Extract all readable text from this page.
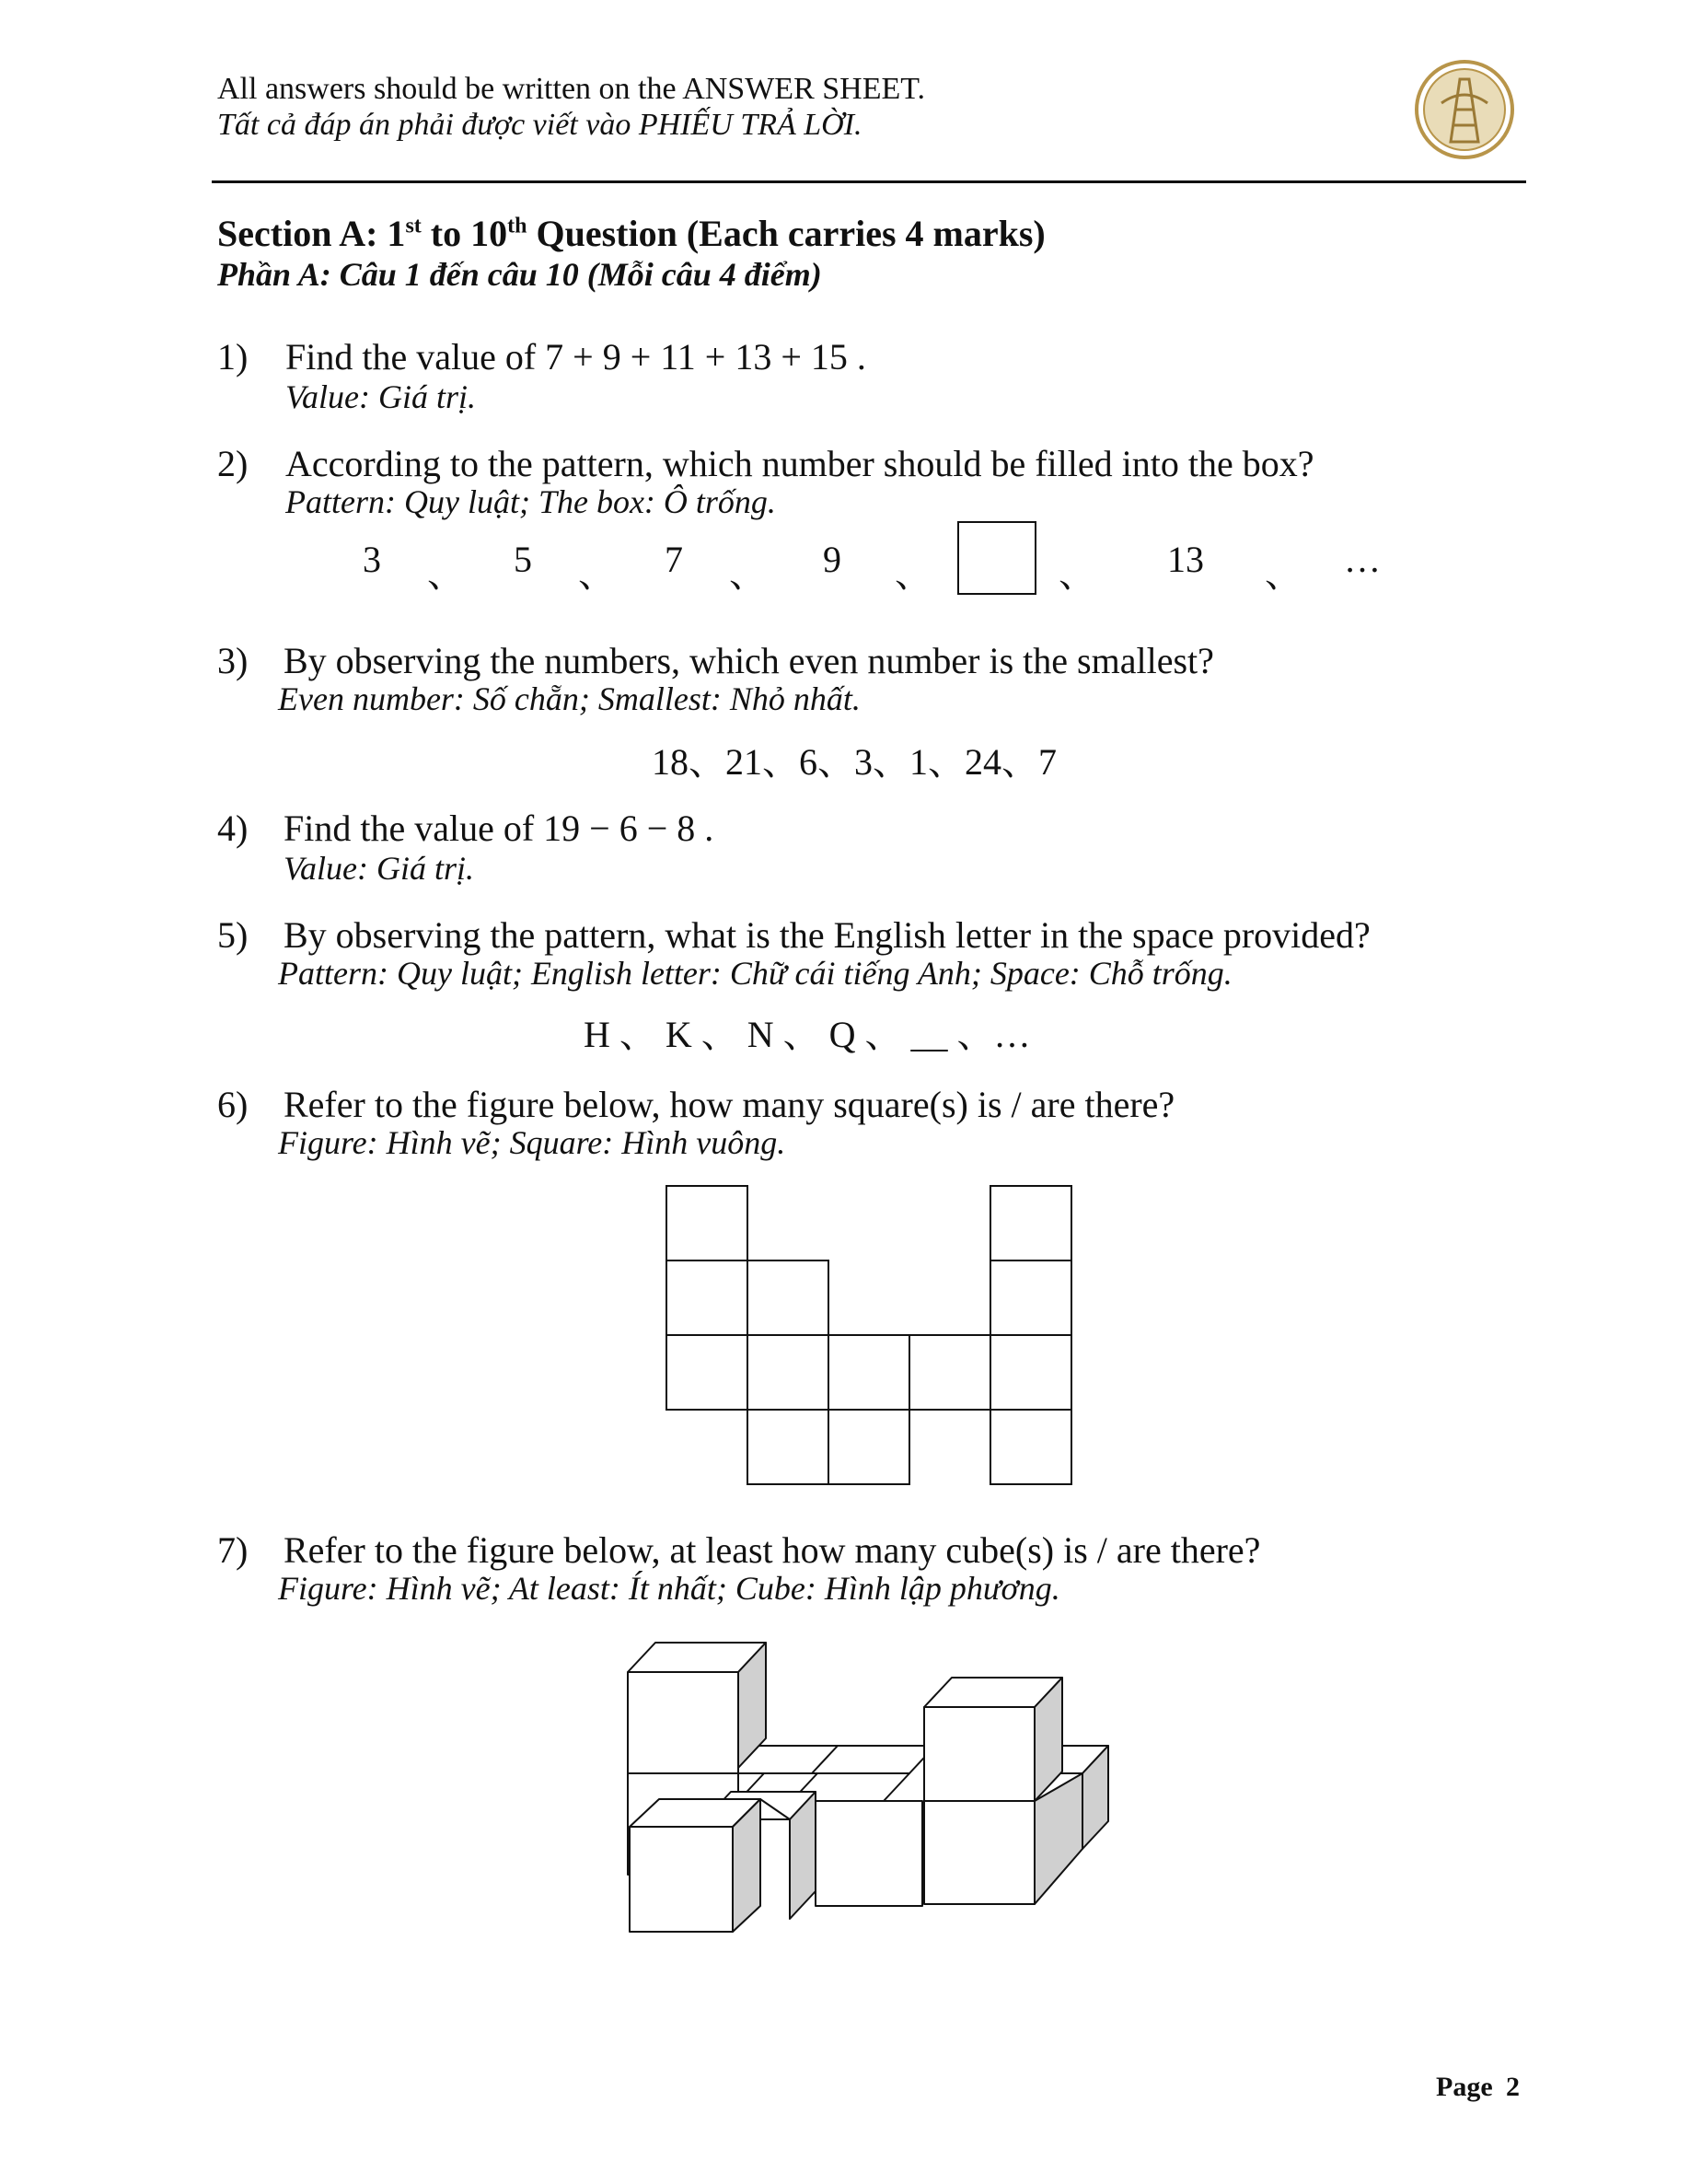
All answers should be written on the ANSWER SHEET.
Tất cả đáp án phải được viết vào PHIẾU TRẢ LỜI.
Section A: 1st to 10th Question (Each carries 4 marks)
Phần A: Câu 1 đến câu 10 (Mỗi câu 4 điểm)
1) Find the value of 7 + 9 + 11 + 13 + 15 .
Value: Giá trị.
2) According to the pattern, which number should be filled into the box?
Pattern: Quy luật; The box: Ô trống.
3 、 5 、 7 、 9 、	、 13 、 …
3) By observing the numbers, which even number is the smallest?
Even number: Số chẵn; Smallest: Nhỏ nhất.
18、21、6、3、1、24、7
4) Find the value of 19 − 6 − 8 .
Value: Giá trị.
5) By observing the pattern, what is the English letter in the space provided?
Pattern: Quy luật; English letter: Chữ cái tiếng Anh; Space: Chỗ trống.
H 、 K 、 N 、 Q 、 __ 、…
6) Refer to the figure below, how many square(s) is / are there?
Figure: Hình vẽ; Square: Hình vuông.
7) Refer to the figure below, at least how many cube(s) is / are there?
Figure: Hình vẽ; At least: Ít nhất; Cube: Hình lập phương.
Page 2
